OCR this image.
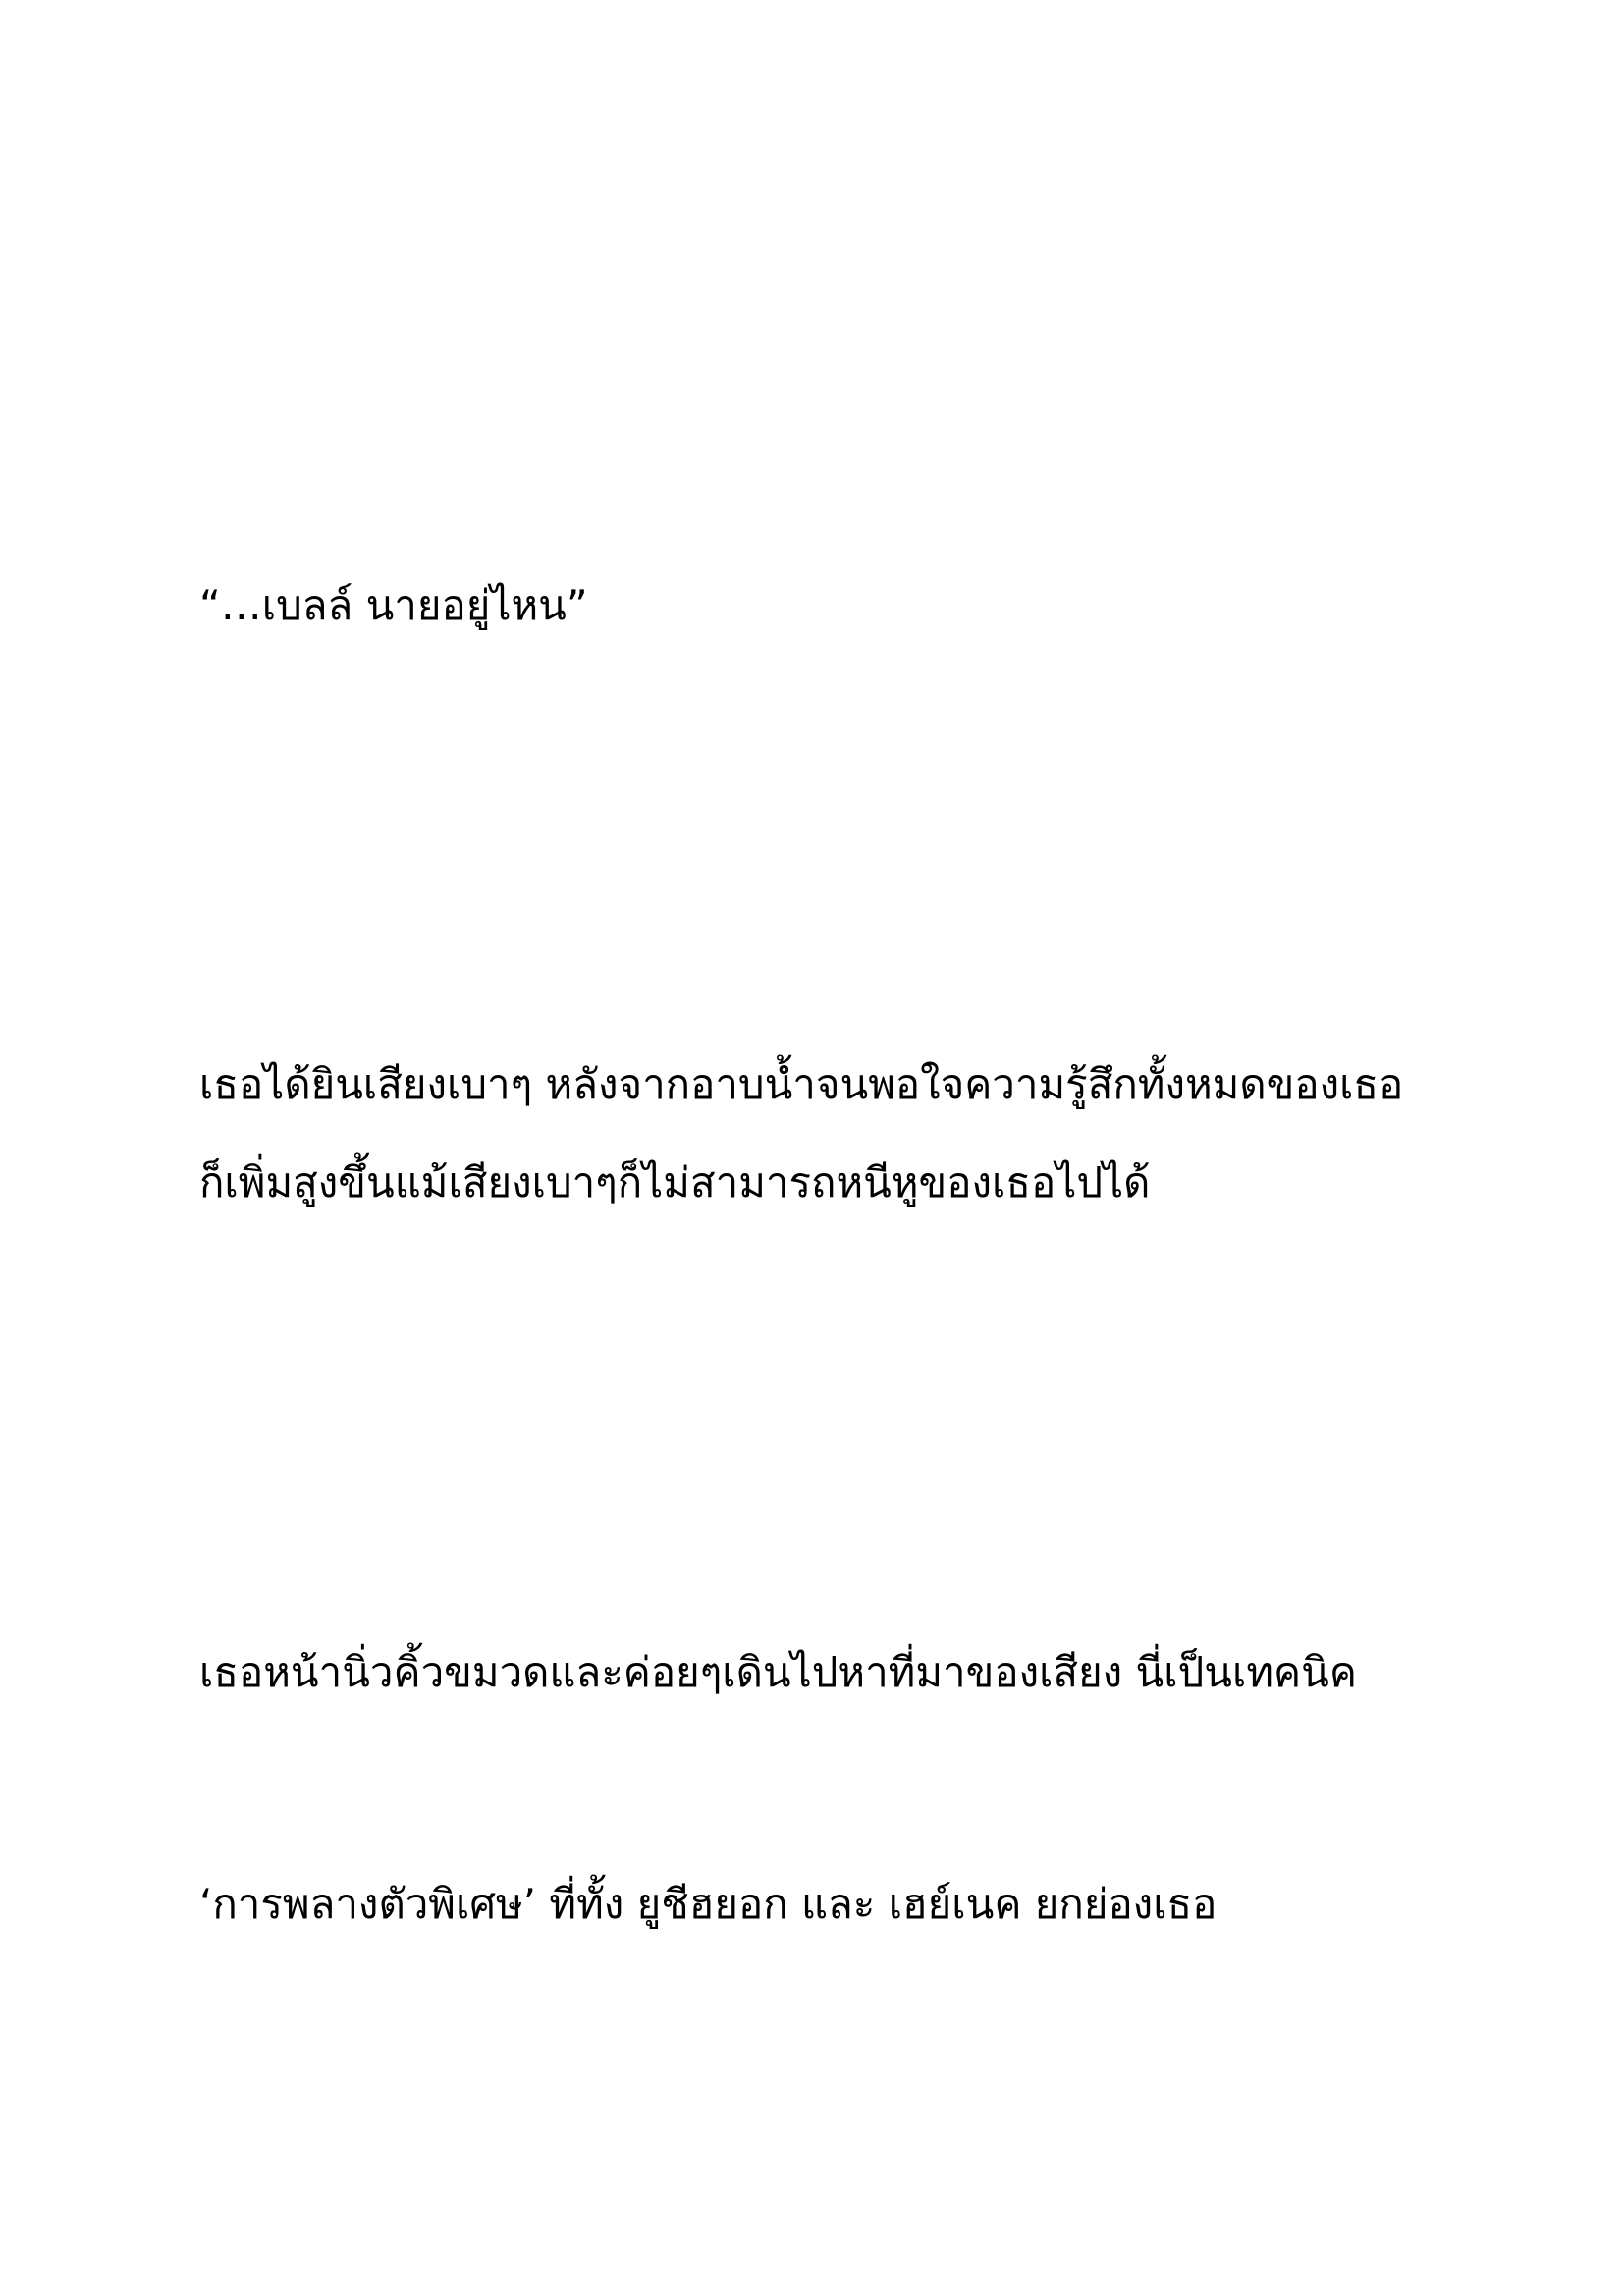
“…เบลล์ นายอยู่ไหน”

เธอได้ยินเสียงเบาๆ หลังจากอาบน้ำจนพอใจความรู้สึกทั้งหมดของเธอ
ก็เพิ่มสูงขึ้นแม้เสียงเบาๆก็ไม่สามารถหนีหูของเธอไปได้

เธอหน้านิ่วคิ้วขมวดและค่อยๆเดินไปหาที่มาของเสียง นี่เป็นเทคนิค

‘การพลางตัวพิเศษ’ ที่ทั้ง ยูชีฮยอก และ เฮย์เนค ยกย่องเธอ
